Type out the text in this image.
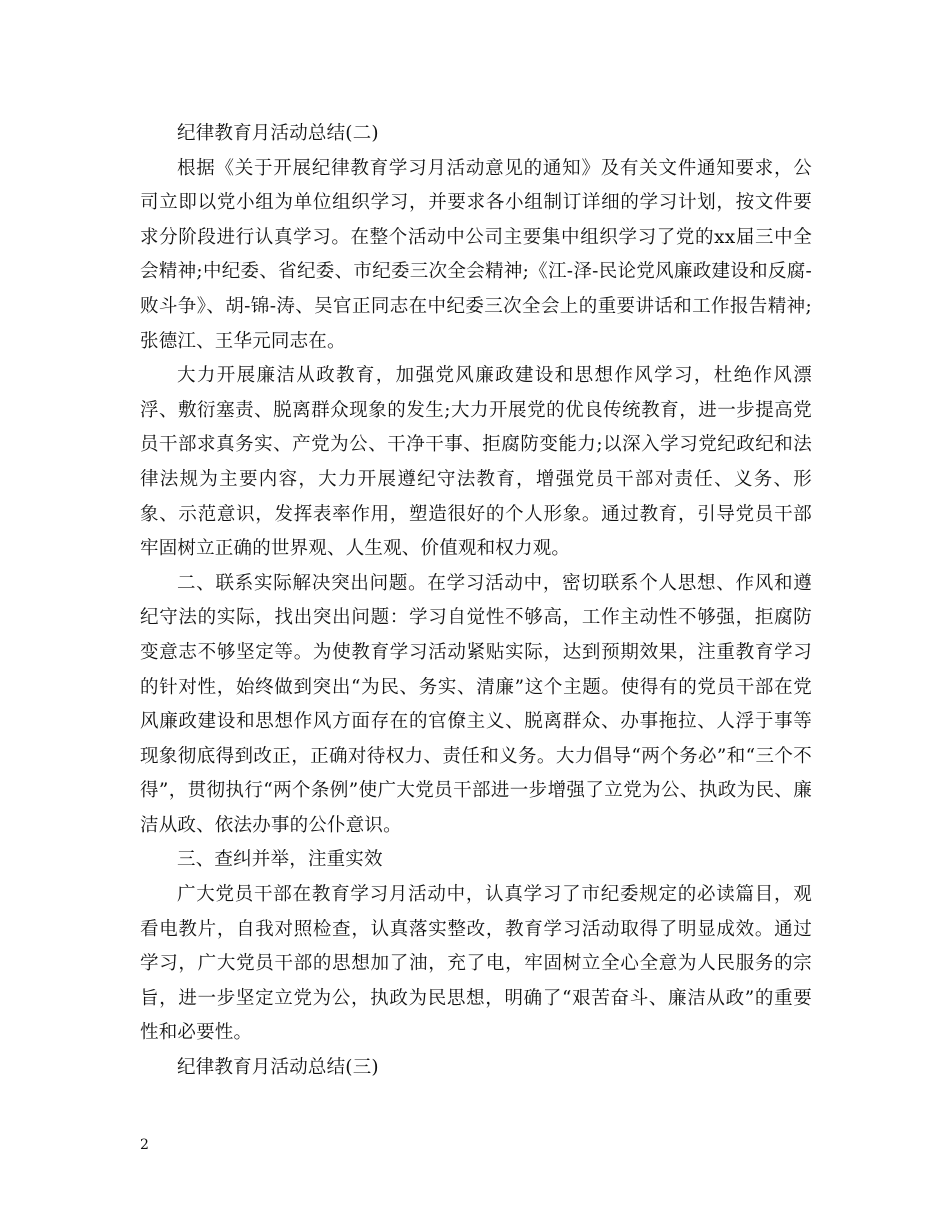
纪律教育月活动总结(二)

根据《关于开展纪律教育学习月活动意见的通知》及有关文件通知要求，公司立即以党小组为单位组织学习，并要求各小组制订详细的学习计划，按文件要求分阶段进行认真学习。在整个活动中公司主要集中组织学习了党的xx届三中全会精神;中纪委、省纪委、市纪委三次全会精神;《江-泽-民论党风廉政建设和反腐-败斗争》、胡-锦-涛、吴官正同志在中纪委三次全会上的重要讲话和工作报告精神;张德江、王华元同志在。

大力开展廉洁从政教育，加强党风廉政建设和思想作风学习，杜绝作风漂浮、敷衍塞责、脱离群众现象的发生;大力开展党的优良传统教育，进一步提高党员干部求真务实、产党为公、干净干事、拒腐防变能力;以深入学习党纪政纪和法律法规为主要内容，大力开展遵纪守法教育，增强党员干部对责任、义务、形象、示范意识，发挥表率作用，塑造很好的个人形象。通过教育，引导党员干部牢固树立正确的世界观、人生观、价值观和权力观。

二、联系实际解决突出问题。在学习活动中，密切联系个人思想、作风和遵纪守法的实际，找出突出问题：学习自觉性不够高，工作主动性不够强，拒腐防变意志不够坚定等。为使教育学习活动紧贴实际，达到预期效果，注重教育学习的针对性，始终做到突出“为民、务实、清廉”这个主题。使得有的党员干部在党风廉政建设和思想作风方面存在的官僚主义、脱离群众、办事拖拉、人浮于事等现象彻底得到改正，正确对待权力、责任和义务。大力倡导“两个务必”和“三个不得”，贯彻执行“两个条例”使广大党员干部进一步增强了立党为公、执政为民、廉洁从政、依法办事的公仆意识。

三、查纠并举，注重实效

广大党员干部在教育学习月活动中，认真学习了市纪委规定的必读篇目，观看电教片，自我对照检查，认真落实整改，教育学习活动取得了明显成效。通过学习，广大党员干部的思想加了油，充了电，牢固树立全心全意为人民服务的宗旨，进一步坚定立党为公，执政为民思想，明确了“艰苦奋斗、廉洁从政”的重要性和必要性。

纪律教育月活动总结(三)

2
